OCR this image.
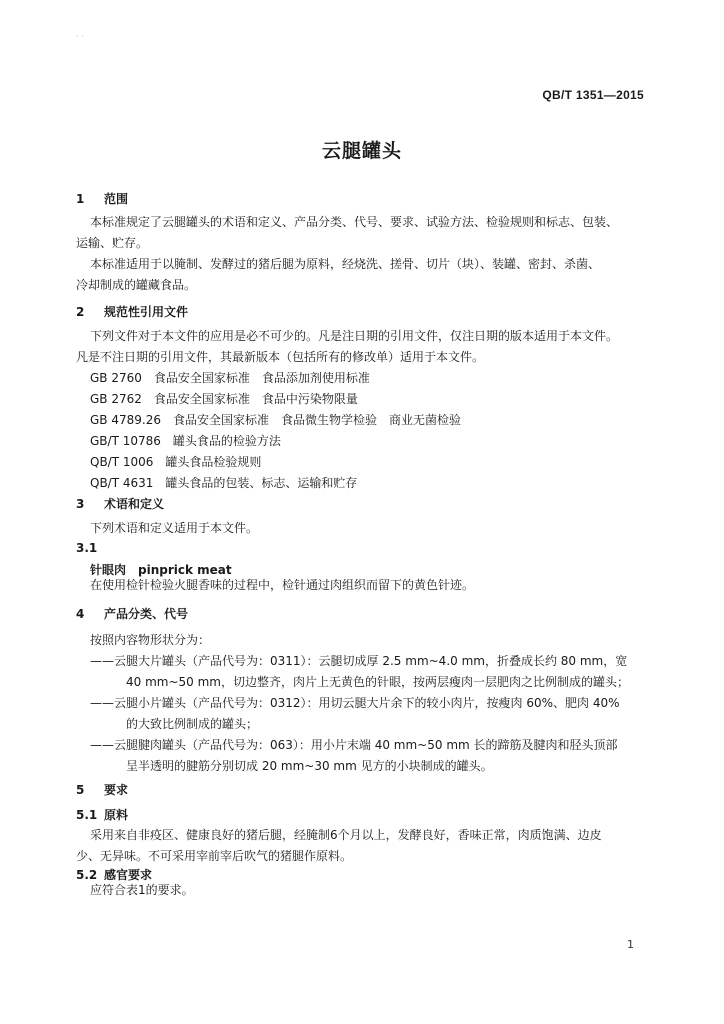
· ·
QB/T 1351—2015
云腿罐头
1 范围
本标准规定了云腿罐头的术语和定义、产品分类、代号、要求、试验方法、检验规则和标志、包装、
运输、贮存。
本标准适用于以腌制、发酵过的猪后腿为原料，经烧洗、搓骨、切片（块）、装罐、密封、杀菌、
冷却制成的罐藏食品。
2 规范性引用文件
下列文件对于本文件的应用是必不可少的。凡是注日期的引用文件，仅注日期的版本适用于本文件。
凡是不注日期的引用文件，其最新版本（包括所有的修改单）适用于本文件。
GB 2760　食品安全国家标准　食品添加剂使用标准
GB 2762　食品安全国家标准　食品中污染物限量
GB 4789.26　食品安全国家标准　食品微生物学检验　商业无菌检验
GB/T 10786　罐头食品的检验方法
QB/T 1006　罐头食品检验规则
QB/T 4631　罐头食品的包装、标志、运输和贮存
3 术语和定义
下列术语和定义适用于本文件。
3.1
针眼肉　pinprick meat
在使用检针检验火腿香味的过程中，检针通过肉组织而留下的黄色针迹。
4 产品分类、代号
按照内容物形状分为：
——云腿大片罐头（产品代号为：0311）：云腿切成厚 2.5 mm~4.0 mm，折叠成长约 80 mm，宽
40 mm~50 mm，切边整齐，肉片上无黄色的针眼，按两层瘦肉一层肥肉之比例制成的罐头；
——云腿小片罐头（产品代号为：0312）：用切云腿大片余下的较小肉片，按瘦肉 60%、肥肉 40%
的大致比例制成的罐头；
——云腿腱肉罐头（产品代号为：063）：用小片末端 40 mm~50 mm 长的蹄筋及腱肉和胫头顶部
呈半透明的腱筋分别切成 20 mm~30 mm 见方的小块制成的罐头。
5 要求
5.1 原料
采用来自非疫区、健康良好的猪后腿，经腌制6个月以上，发酵良好，香味正常，肉质饱满、边皮
少、无异味。不可采用宰前宰后吹气的猪腿作原料。
5.2 感官要求
应符合表1的要求。
1
